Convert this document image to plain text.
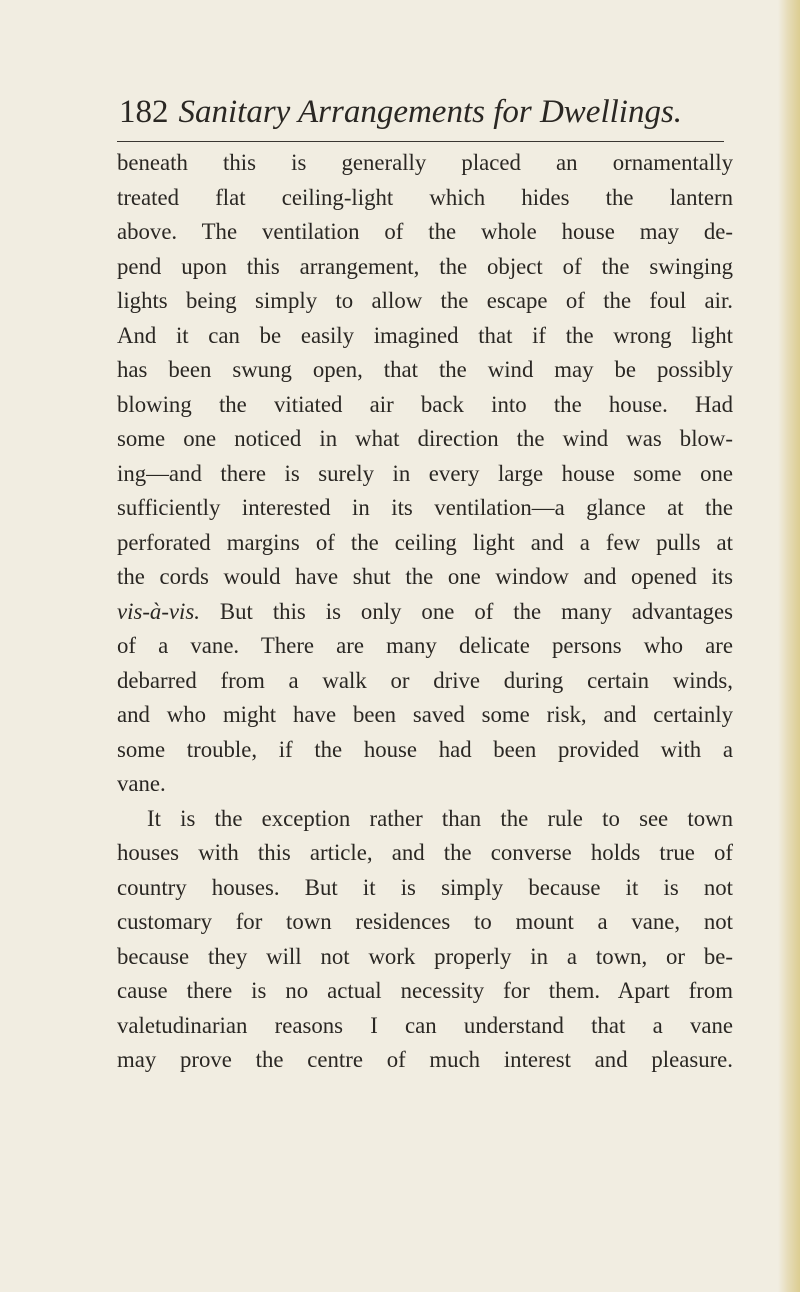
182 Sanitary Arrangements for Dwellings.
beneath this is generally placed an ornamentally
treated flat ceiling-light which hides the lantern
above. The ventilation of the whole house may de-
pend upon this arrangement, the object of the swinging
lights being simply to allow the escape of the foul air.
And it can be easily imagined that if the wrong light
has been swung open, that the wind may be possibly
blowing the vitiated air back into the house. Had
some one noticed in what direction the wind was blow-
ing—and there is surely in every large house some one
sufficiently interested in its ventilation—a glance at the
perforated margins of the ceiling light and a few pulls at
the cords would have shut the one window and opened its
vis-à-vis. But this is only one of the many advantages
of a vane. There are many delicate persons who are
debarred from a walk or drive during certain winds,
and who might have been saved some risk, and certainly
some trouble, if the house had been provided with a
vane.
It is the exception rather than the rule to see town
houses with this article, and the converse holds true of
country houses. But it is simply because it is not
customary for town residences to mount a vane, not
because they will not work properly in a town, or be-
cause there is no actual necessity for them. Apart from
valetudinarian reasons I can understand that a vane
may prove the centre of much interest and pleasure.
